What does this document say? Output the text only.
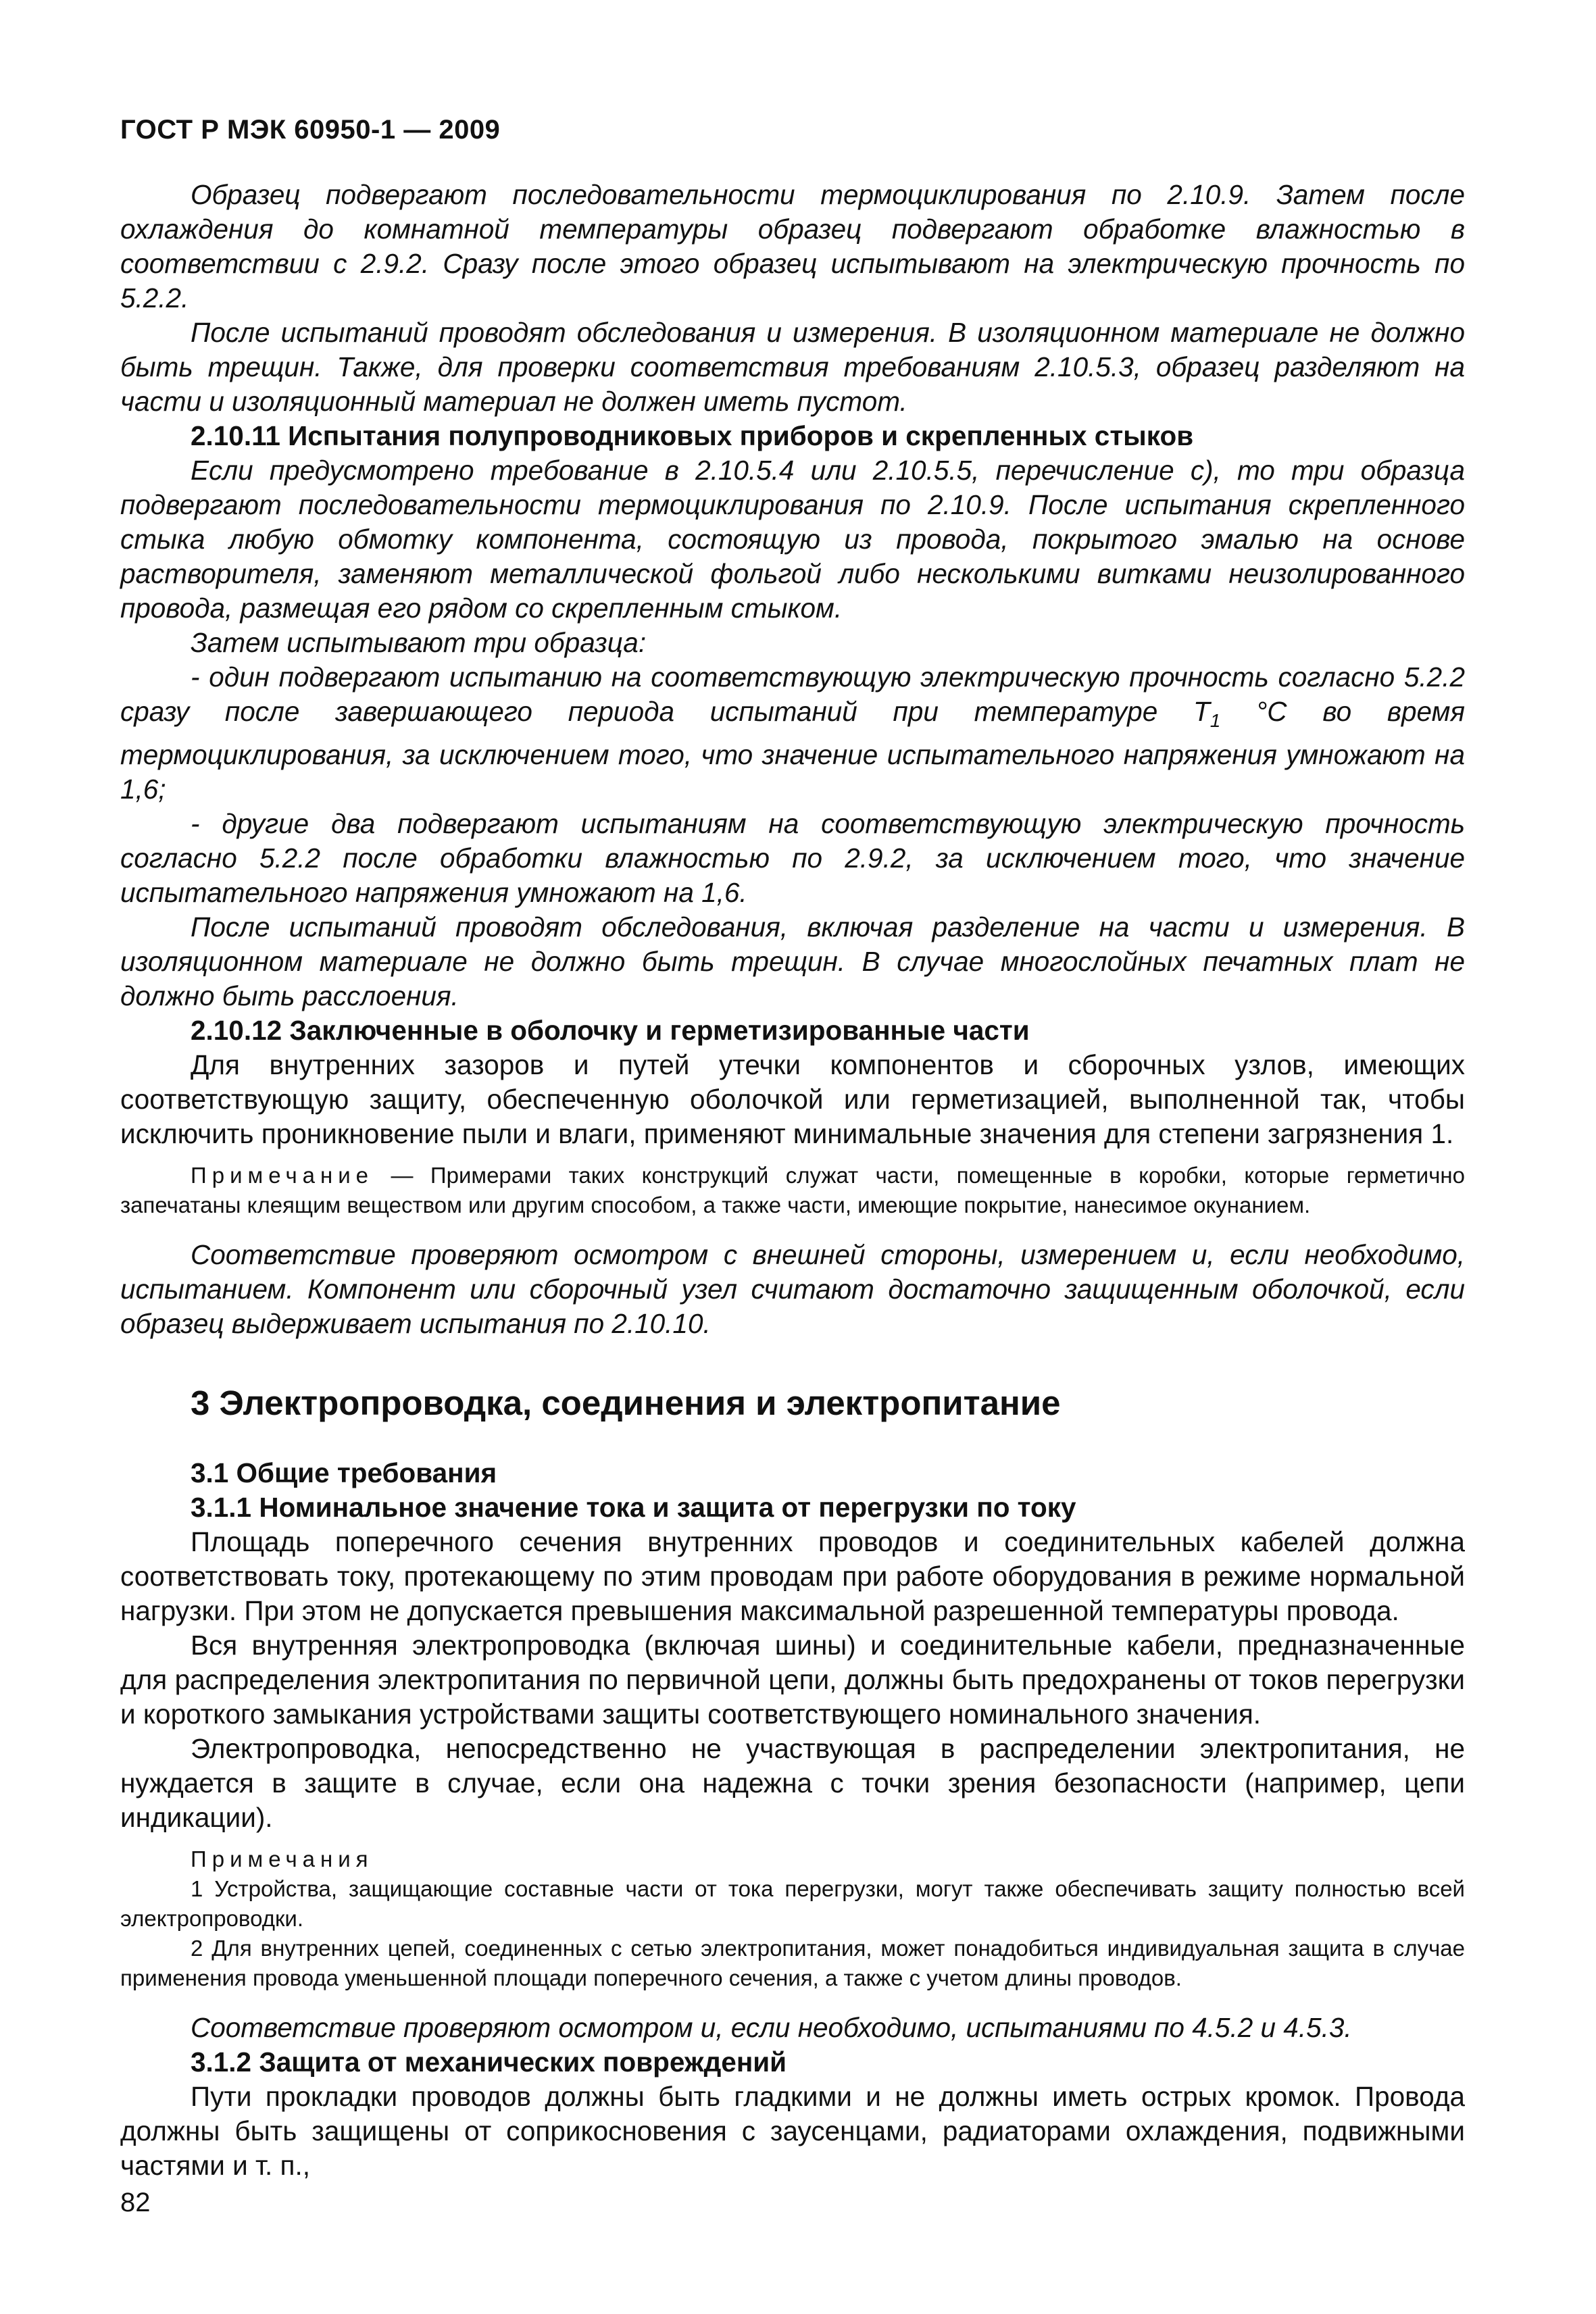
ГОСТ Р МЭК 60950-1 — 2009

Образец подвергают последовательности термоциклирования по 2.10.9. Затем после охлаждения до комнатной температуры образец подвергают обработке влажностью в соответствии с 2.9.2. Сразу после этого образец испытывают на электрическую прочность по 5.2.2.

После испытаний проводят обследования и измерения. В изоляционном материале не должно быть трещин. Также, для проверки соответствия требованиям 2.10.5.3, образец разделяют на части и изоляционный материал не должен иметь пустот.

2.10.11 Испытания полупроводниковых приборов и скрепленных стыков

Если предусмотрено требование в 2.10.5.4 или 2.10.5.5, перечисление с), то три образца подвергают последовательности термоциклирования по 2.10.9. После испытания скрепленного стыка любую обмотку компонента, состоящую из провода, покрытого эмалью на основе растворителя, заменяют металлической фольгой либо несколькими витками неизолированного провода, размещая его рядом со скрепленным стыком.

Затем испытывают три образца:

- один подвергают испытанию на соответствующую электрическую прочность согласно 5.2.2 сразу после завершающего периода испытаний при температуре $T_1$ °С во время термоциклирования, за исключением того, что значение испытательного напряжения умножают на 1,6;

- другие два подвергают испытаниям на соответствующую электрическую прочность согласно 5.2.2 после обработки влажностью по 2.9.2, за исключением того, что значение испытательного напряжения умножают на 1,6.

После испытаний проводят обследования, включая разделение на части и измерения. В изоляционном материале не должно быть трещин. В случае многослойных печатных плат не должно быть расслоения.

2.10.12 Заключенные в оболочку и герметизированные части

Для внутренних зазоров и путей утечки компонентов и сборочных узлов, имеющих соответствующую защиту, обеспеченную оболочкой или герметизацией, выполненной так, чтобы исключить проникновение пыли и влаги, применяют минимальные значения для степени загрязнения 1.

Примечание — Примерами таких конструкций служат части, помещенные в коробки, которые герметично запечатаны клеящим веществом или другим способом, а также части, имеющие покрытие, нанесимое окунанием.

Соответствие проверяют осмотром с внешней стороны, измерением и, если необходимо, испытанием. Компонент или сборочный узел считают достаточно защищенным оболочкой, если образец выдерживает испытания по 2.10.10.

3 Электропроводка, соединения и электропитание

3.1 Общие требования

3.1.1 Номинальное значение тока и защита от перегрузки по току

Площадь поперечного сечения внутренних проводов и соединительных кабелей должна соответствовать току, протекающему по этим проводам при работе оборудования в режиме нормальной нагрузки. При этом не допускается превышения максимальной разрешенной температуры провода.

Вся внутренняя электропроводка (включая шины) и соединительные кабели, предназначенные для распределения электропитания по первичной цепи, должны быть предохранены от токов перегрузки и короткого замыкания устройствами защиты соответствующего номинального значения.

Электропроводка, непосредственно не участвующая в распределении электропитания, не нуждается в защите в случае, если она надежна с точки зрения безопасности (например, цепи индикации).

Примечания

1 Устройства, защищающие составные части от тока перегрузки, могут также обеспечивать защиту полностью всей электропроводки.

2 Для внутренних цепей, соединенных с сетью электропитания, может понадобиться индивидуальная защита в случае применения провода уменьшенной площади поперечного сечения, а также с учетом длины проводов.

Соответствие проверяют осмотром и, если необходимо, испытаниями по 4.5.2 и 4.5.3.

3.1.2 Защита от механических повреждений

Пути прокладки проводов должны быть гладкими и не должны иметь острых кромок. Провода должны быть защищены от соприкосновения с заусенцами, радиаторами охлаждения, подвижными частями и т. п.,

82
